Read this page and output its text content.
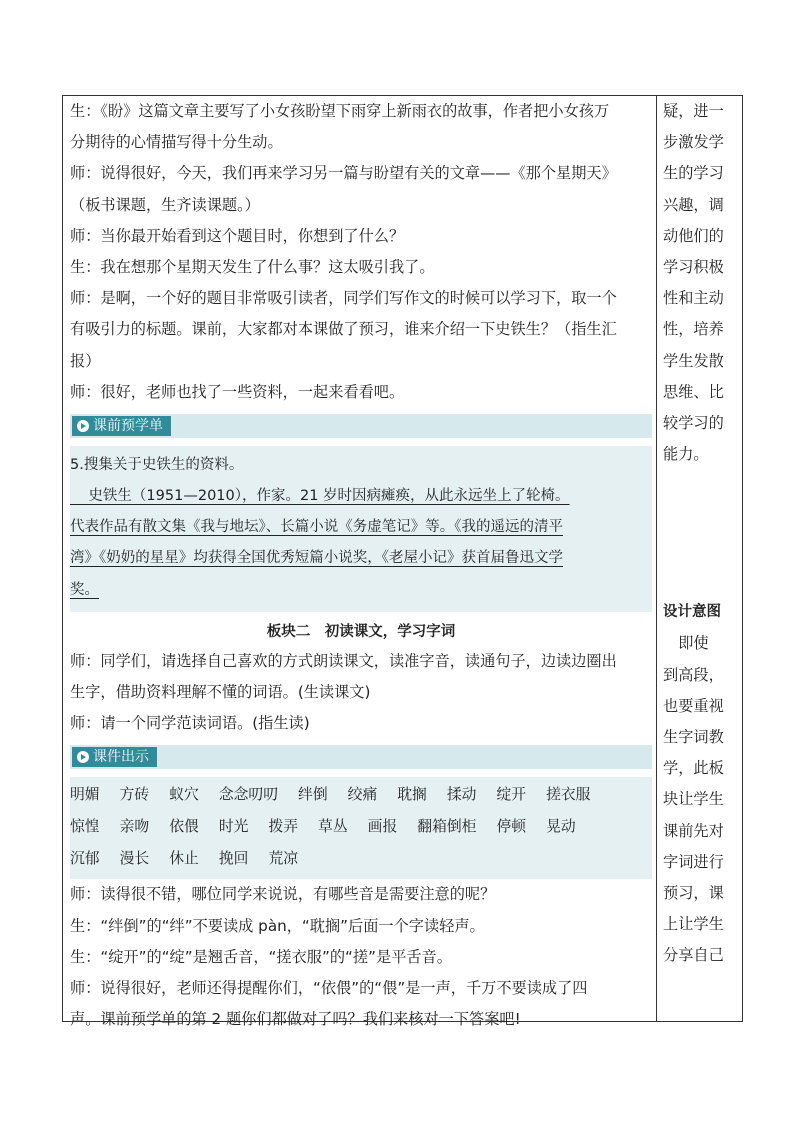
生：《盼》这篇文章主要写了小女孩盼望下雨穿上新雨衣的故事，作者把小女孩万
分期待的心情描写得十分生动。
师：说得很好，今天，我们再来学习另一篇与盼望有关的文章——《那个星期天》
（板书课题，生齐读课题。）
师：当你最开始看到这个题目时，你想到了什么？
生：我在想那个星期天发生了什么事？这太吸引我了。
师：是啊，一个好的题目非常吸引读者，同学们写作文的时候可以学习下，取一个
有吸引力的标题。课前，大家都对本课做了预习，谁来介绍一下史铁生？（指生汇
报）
师：很好，老师也找了一些资料，一起来看看吧。
课前预学单
5.搜集关于史铁生的资料。
史铁生（1951—2010），作家。21 岁时因病瘫痪，从此永远坐上了轮椅。
代表作品有散文集《我与地坛》、长篇小说《务虚笔记》等。《我的遥远的清平
湾》《奶奶的星星》均获得全国优秀短篇小说奖，《老屋小记》获首届鲁迅文学
奖。
板块二　初读课文，学习字词
师：同学们，请选择自己喜欢的方式朗读课文，读准字音，读通句子，边读边圈出
生字，借助资料理解不懂的词语。(生读课文)
师：请一个同学范读词语。(指生读)
课件出示
明媚 方砖 蚁穴 念念叨叨 绊倒 绞痛 耽搁 揉动 绽开 搓衣服
惊惶 亲吻 依偎 时光 拨弄 草丛 画报 翻箱倒柜 停顿 晃动
沉郁 漫长 休止 挽回 荒凉
师：读得很不错，哪位同学来说说，有哪些音是需要注意的呢？
生：“绊倒”的“绊”不要读成 pàn，“耽搁”后面一个字读轻声。
生：“绽开”的“绽”是翘舌音，“搓衣服”的“搓”是平舌音。
师：说得很好，老师还得提醒你们，“依偎”的“偎”是一声，千万不要读成了四
声。课前预学单的第 2 题你们都做对了吗？我们来核对一下答案吧!
疑，进一
步激发学
生的学习
兴趣，调
动他们的
学习积极
性和主动
性，培养
学生发散
思维、比
较学习的
能力。
设计意图
　即使
到高段，
也要重视
生字词教
学，此板
块让学生
课前先对
字词进行
预习，课
上让学生
分享自己
